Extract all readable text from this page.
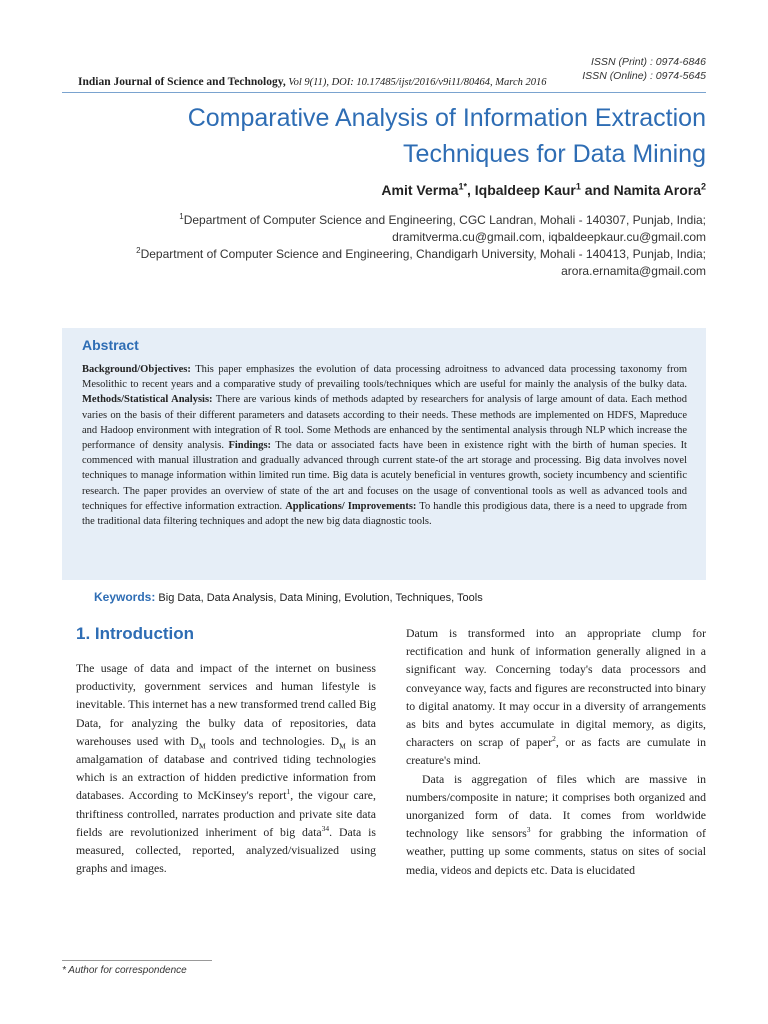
ISSN (Print) : 0974-6846
ISSN (Online) : 0974-5645
Indian Journal of Science and Technology, Vol 9(11), DOI: 10.17485/ijst/2016/v9i11/80464, March 2016
Comparative Analysis of Information Extraction Techniques for Data Mining
Amit Verma$^{1*}$, Iqbaldeep Kaur$^1$ and Namita Arora$^2$
$^1$Department of Computer Science and Engineering, CGC Landran, Mohali - 140307, Punjab, India;
dramitverma.cu@gmail.com, iqbaldeepkaur.cu@gmail.com
$^2$Department of Computer Science and Engineering, Chandigarh University, Mohali - 140413, Punjab, India;
arora.ernamita@gmail.com
Abstract

Background/Objectives: This paper emphasizes the evolution of data processing adroitness to advanced data processing taxonomy from Mesolithic to recent years and a comparative study of prevailing tools/techniques which are useful for mainly the analysis of the bulky data. Methods/Statistical Analysis: There are various kinds of methods adapted by researchers for analysis of large amount of data. Each method varies on the basis of their different parameters and datasets according to their needs. These methods are implemented on HDFS, Mapreduce and Hadoop environment with integration of R tool. Some Methods are enhanced by the sentimental analysis through NLP which increase the performance of density analysis. Findings: The data or associated facts have been in existence right with the birth of human species. It commenced with manual illustration and gradually advanced through current state-of the art storage and processing. Big data involves novel techniques to manage information within limited run time. Big data is acutely beneficial in ventures growth, society incumbency and scientific research. The paper provides an overview of state of the art and focuses on the usage of conventional tools as well as advanced tools and techniques for effective information extraction. Applications/ Improvements: To handle this prodigious data, there is a need to upgrade from the traditional data filtering techniques and adopt the new big data diagnostic tools.

Keywords: Big Data, Data Analysis, Data Mining, Evolution, Techniques, Tools
1. Introduction

The usage of data and impact of the internet on business productivity, government services and human lifestyle is inevitable. This internet has a new transformed trend called Big Data, for analyzing the bulky data of repositories, data warehouses used with $D_M$ tools and technologies. $D_M$ is an amalgamation of database and contrived tiding technologies which is an extraction of hidden predictive information from databases. According to McKinsey's report$^1$, the vigour care, thriftiness controlled, narrates production and private site data fields are revolutionized inheriment of big data$^{34}$. Data is measured, collected, reported, analyzed/visualized using graphs and images.

Datum is transformed into an appropriate clump for rectification and hunk of information generally aligned in a significant way. Concerning today's data processors and conveyance way, facts and figures are reconstructed into binary to digital anatomy. It may occur in a diversity of arrangements as bits and bytes accumulate in digital memory, as digits, characters on scrap of paper$^2$, or as facts are cumulate in creature's mind.

Data is aggregation of files which are massive in numbers/composite in nature; it comprises both organized and unorganized form of data. It comes from worldwide technology like sensors$^3$ for grabbing the information of weather, putting up some comments, status on sites of social media, videos and depicts etc. Data is elucidated

* Author for correspondence
